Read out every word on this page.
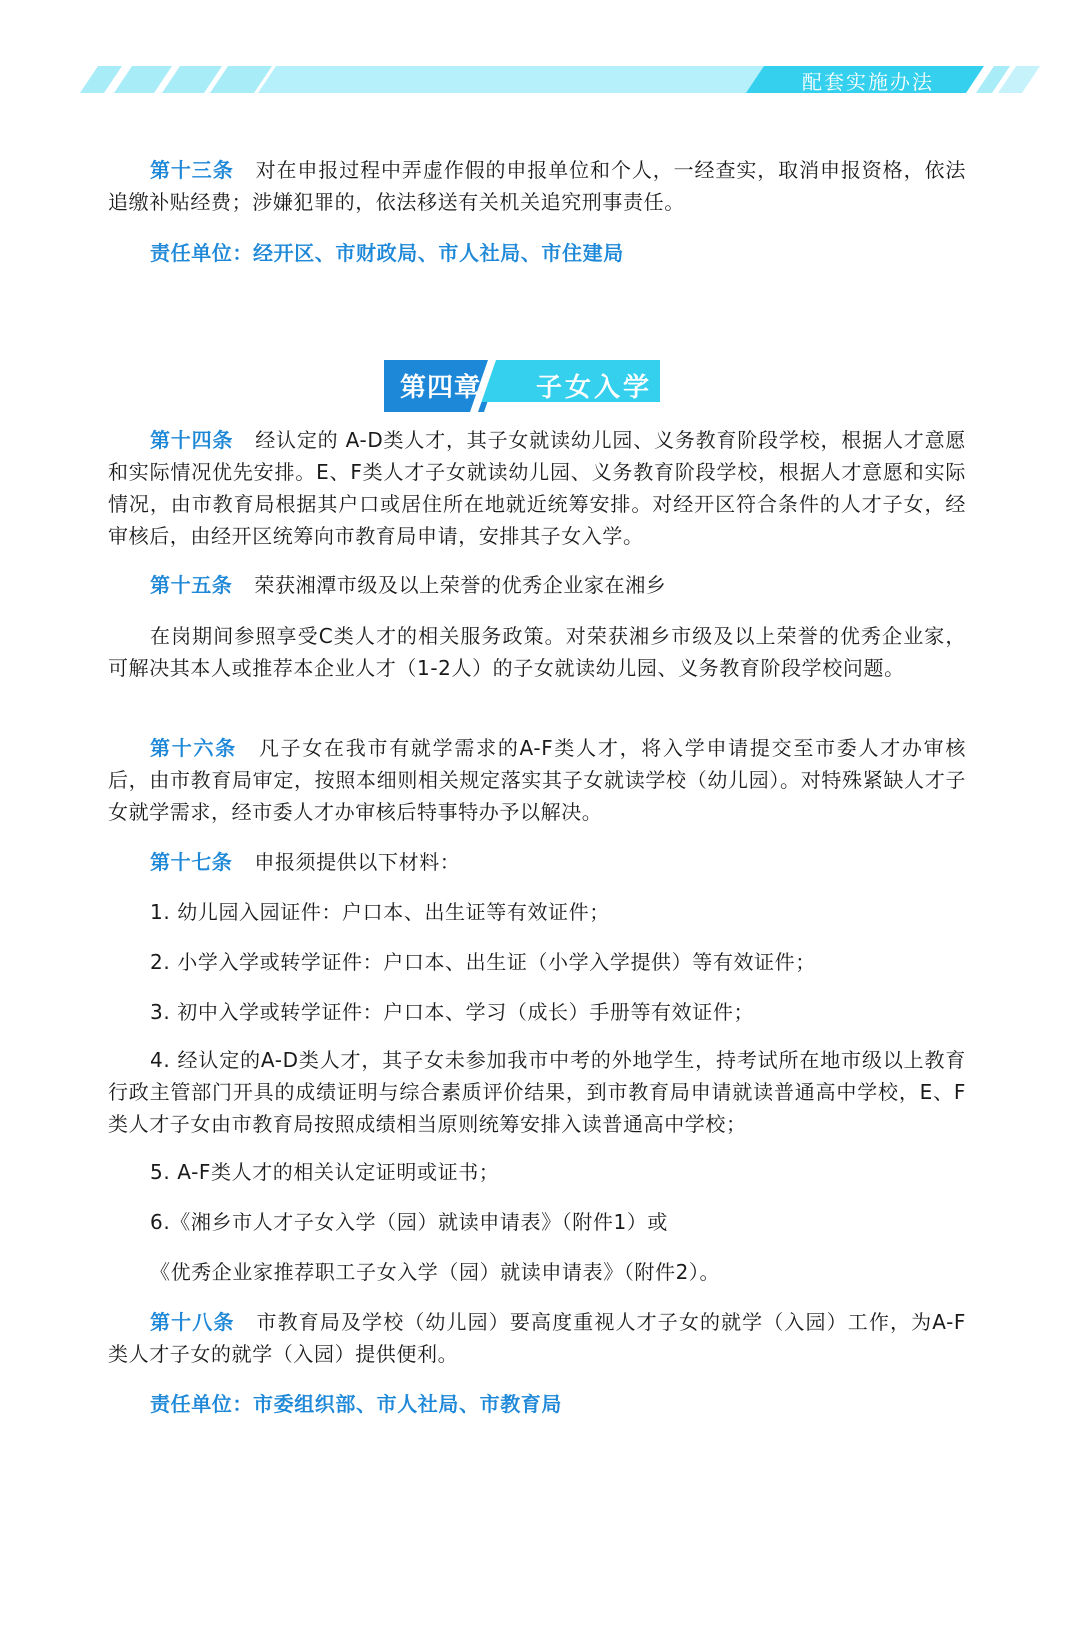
配套实施办法

第十三条 对在申报过程中弄虚作假的申报单位和个人，一经查实，取消申报资格，依法追缴补贴经费；涉嫌犯罪的，依法移送有关机关追究刑事责任。

责任单位：经开区、市财政局、市人社局、市住建局

第十四条 经认定的 A-D类人才，其子女就读幼儿园、义务教育阶段学校，根据人才意愿和实际情况优先安排。E、F类人才子女就读幼儿园、义务教育阶段学校，根据人才意愿和实际情况，由市教育局根据其户口或居住所在地就近统筹安排。对经开区符合条件的人才子女，经审核后，由经开区统筹向市教育局申请，安排其子女入学。

第十五条 荣获湘潭市级及以上荣誉的优秀企业家在湘乡

在岗期间参照享受C类人才的相关服务政策。对荣获湘乡市级及以上荣誉的优秀企业家，可解决其本人或推荐本企业人才（1-2人）的子女就读幼儿园、义务教育阶段学校问题。

第十六条 凡子女在我市有就学需求的A-F类人才，将入学申请提交至市委人才办审核后，由市教育局审定，按照本细则相关规定落实其子女就读学校（幼儿园）。对特殊紧缺人才子女就学需求，经市委人才办审核后特事特办予以解决。

第十七条 申报须提供以下材料：

1. 幼儿园入园证件：户口本、出生证等有效证件；

2. 小学入学或转学证件：户口本、出生证（小学入学提供）等有效证件；

3. 初中入学或转学证件：户口本、学习（成长）手册等有效证件；

4. 经认定的A-D类人才，其子女未参加我市中考的外地学生，持考试所在地市级以上教育行政主管部门开具的成绩证明与综合素质评价结果，到市教育局申请就读普通高中学校，E、F类人才子女由市教育局按照成绩相当原则统筹安排入读普通高中学校；

5. A-F类人才的相关认定证明或证书；

6.《湘乡市人才子女入学（园）就读申请表》（附件1）或

《优秀企业家推荐职工子女入学（园）就读申请表》（附件2）。

第十八条 市教育局及学校（幼儿园）要高度重视人才子女的就学（入园）工作，为A-F类人才子女的就学（入园）提供便利。

责任单位：市委组织部、市人社局、市教育局

第四章 子女入学
